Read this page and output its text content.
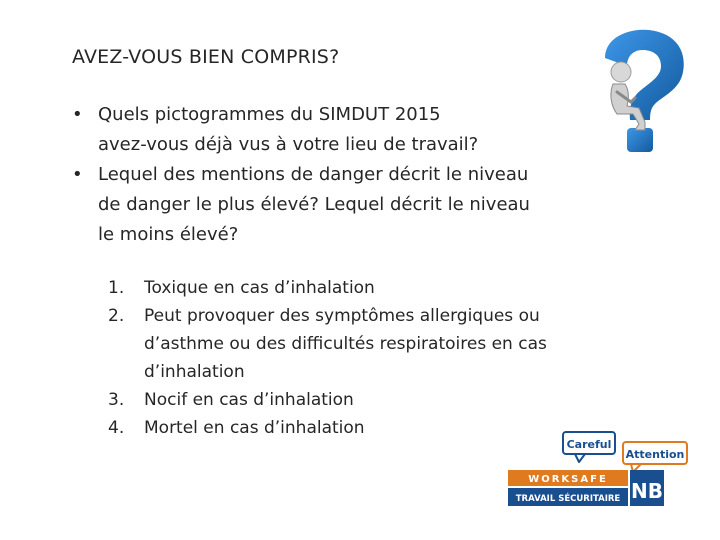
AVEZ-VOUS BIEN COMPRIS?
• Quels pictogrammes du SIMDUT 2015
avez-vous déjà vus à votre lieu de travail?
• Lequel des mentions de danger décrit le niveau
de danger le plus élevé? Lequel décrit le niveau
le moins élevé?
1. Toxique en cas d’inhalation
2. Peut provoquer des symptômes allergiques ou
d’asthme ou des difficultés respiratoires en cas
d’inhalation
3. Nocif en cas d’inhalation
4. Mortel en cas d’inhalation
Careful
Attention
WORKSAFE
TRAVAIL SÉCURITAIRE NB
